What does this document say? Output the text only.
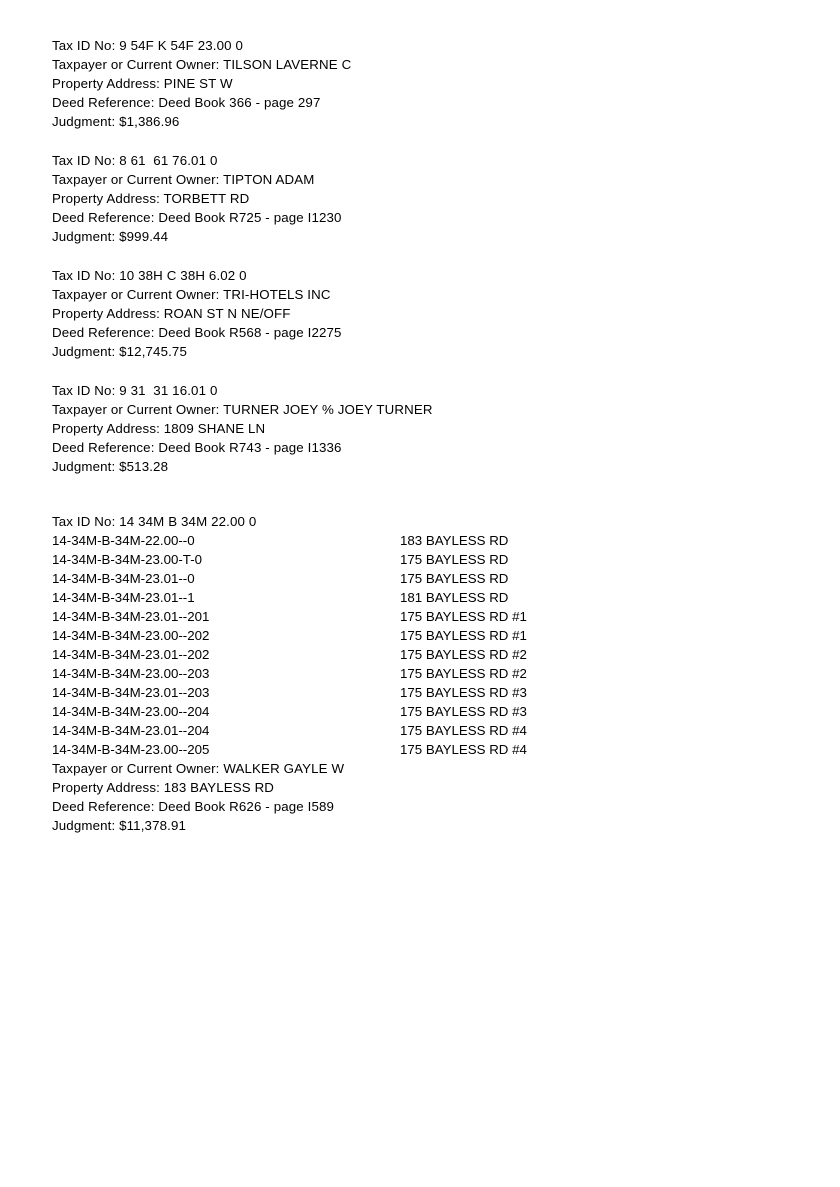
Tax ID No: 9 54F K 54F 23.00 0
Taxpayer or Current Owner: TILSON LAVERNE C
Property Address: PINE ST W
Deed Reference: Deed Book 366 - page 297
Judgment: $1,386.96
Tax ID No: 8 61  61 76.01 0
Taxpayer or Current Owner: TIPTON ADAM
Property Address: TORBETT RD
Deed Reference: Deed Book R725 - page I1230
Judgment: $999.44
Tax ID No: 10 38H C 38H 6.02 0
Taxpayer or Current Owner: TRI-HOTELS INC
Property Address: ROAN ST N NE/OFF
Deed Reference: Deed Book R568 - page I2275
Judgment: $12,745.75
Tax ID No: 9 31  31 16.01 0
Taxpayer or Current Owner: TURNER JOEY % JOEY TURNER
Property Address: 1809 SHANE LN
Deed Reference: Deed Book R743 - page I1336
Judgment: $513.28
Tax ID No: 14 34M B 34M 22.00 0
14-34M-B-34M-22.00--0	183 BAYLESS RD
14-34M-B-34M-23.00-T-0	175 BAYLESS RD
14-34M-B-34M-23.01--0	175 BAYLESS RD
14-34M-B-34M-23.01--1	181 BAYLESS RD
14-34M-B-34M-23.01--201	175 BAYLESS RD #1
14-34M-B-34M-23.00--202	175 BAYLESS RD #1
14-34M-B-34M-23.01--202	175 BAYLESS RD #2
14-34M-B-34M-23.00--203	175 BAYLESS RD #2
14-34M-B-34M-23.01--203	175 BAYLESS RD #3
14-34M-B-34M-23.00--204	175 BAYLESS RD #3
14-34M-B-34M-23.01--204	175 BAYLESS RD #4
14-34M-B-34M-23.00--205	175 BAYLESS RD #4
Taxpayer or Current Owner: WALKER GAYLE W
Property Address: 183 BAYLESS RD
Deed Reference: Deed Book R626 - page I589
Judgment: $11,378.91
